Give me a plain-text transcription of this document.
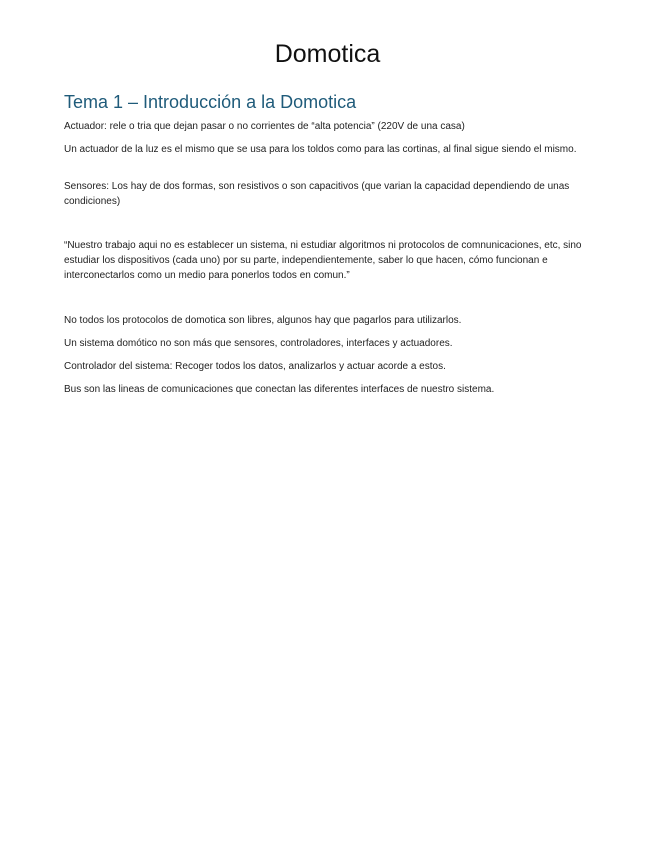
Domotica
Tema 1 – Introducción a la Domotica

Actuador: rele o tria que dejan pasar o no corrientes de “alta potencia” (220V de una casa)

Un actuador de la luz es el mismo que se usa para los toldos como para las cortinas, al final sigue siendo el mismo.

Sensores: Los hay de dos formas, son resistivos o son capacitivos (que varian la capacidad dependiendo de unas condiciones)

“Nuestro trabajo aqui no es establecer un sistema, ni estudiar algoritmos ni protocolos de comnunicaciones, etc, sino estudiar los dispositivos (cada uno) por su parte, independientemente, saber lo que hacen, cómo funcionan e interconectarlos como un medio para ponerlos todos en comun.”

No todos los protocolos de domotica son libres, algunos hay que pagarlos para utilizarlos.

Un sistema domótico no son más que sensores, controladores, interfaces y actuadores.

Controlador del sistema: Recoger todos los datos, analizarlos y actuar acorde a estos.

Bus son las lineas de comunicaciones que conectan las diferentes interfaces de nuestro sistema.
